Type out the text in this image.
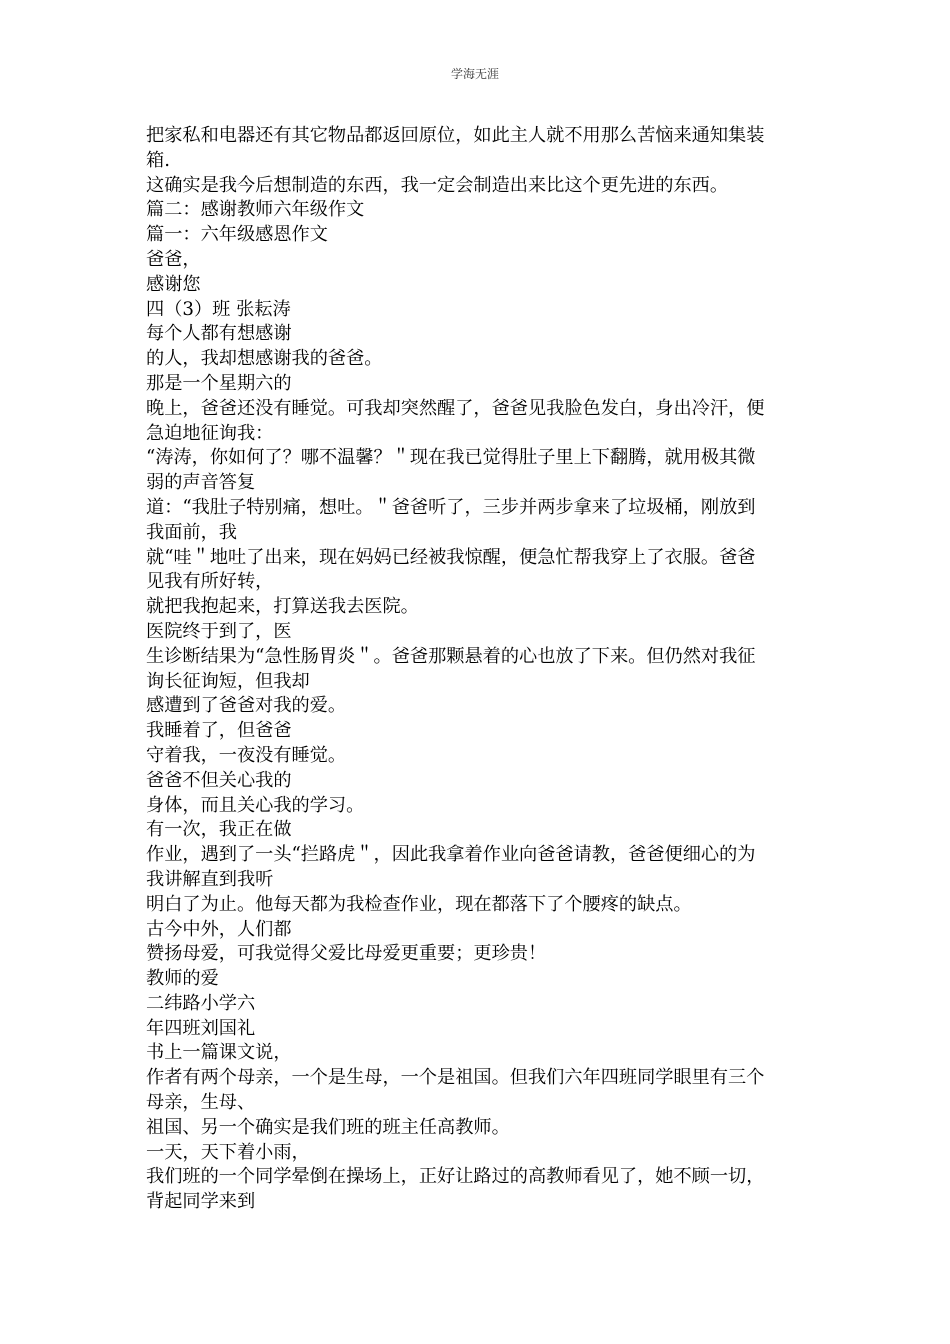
学海无涯

把家私和电器还有其它物品都返回原位，如此主人就不用那么苦恼来通知集装

箱.

这确实是我今后想制造的东西，我一定会制造出来比这个更先进的东西。

篇二：感谢教师六年级作文

篇一：六年级感恩作文

爸爸，

感谢您

四（3）班 张耘涛

每个人都有想感谢

的人，我却想感谢我的爸爸。

那是一个星期六的

晚上，爸爸还没有睡觉。可我却突然醒了，爸爸见我脸色发白，身出冷汗，便

急迫地征询我：

“涛涛，你如何了？哪不温馨？＂现在我已觉得肚子里上下翻腾，就用极其微

弱的声音答复

道：“我肚子特别痛，想吐。＂爸爸听了，三步并两步拿来了垃圾桶，刚放到

我面前，我

就“哇＂地吐了出来，现在妈妈已经被我惊醒，便急忙帮我穿上了衣服。爸爸

见我有所好转，

就把我抱起来，打算送我去医院。

医院终于到了，医

生诊断结果为“急性肠胃炎＂。爸爸那颗悬着的心也放了下来。但仍然对我征

询长征询短，但我却

感遭到了爸爸对我的爱。

我睡着了，但爸爸

守着我，一夜没有睡觉。

爸爸不但关心我的

身体，而且关心我的学习。

有一次，我正在做

作业，遇到了一头“拦路虎＂，因此我拿着作业向爸爸请教，爸爸便细心的为

我讲解直到我听

明白了为止。他每天都为我检查作业，现在都落下了个腰疼的缺点。

古今中外，人们都

赞扬母爱，可我觉得父爱比母爱更重要；更珍贵！

教师的爱

二纬路小学六

年四班刘国礼

书上一篇课文说，

作者有两个母亲，一个是生母，一个是祖国。但我们六年四班同学眼里有三个

母亲，生母、

祖国、另一个确实是我们班的班主任高教师。

一天，天下着小雨，

我们班的一个同学晕倒在操场上，正好让路过的高教师看见了，她不顾一切，

背起同学来到
